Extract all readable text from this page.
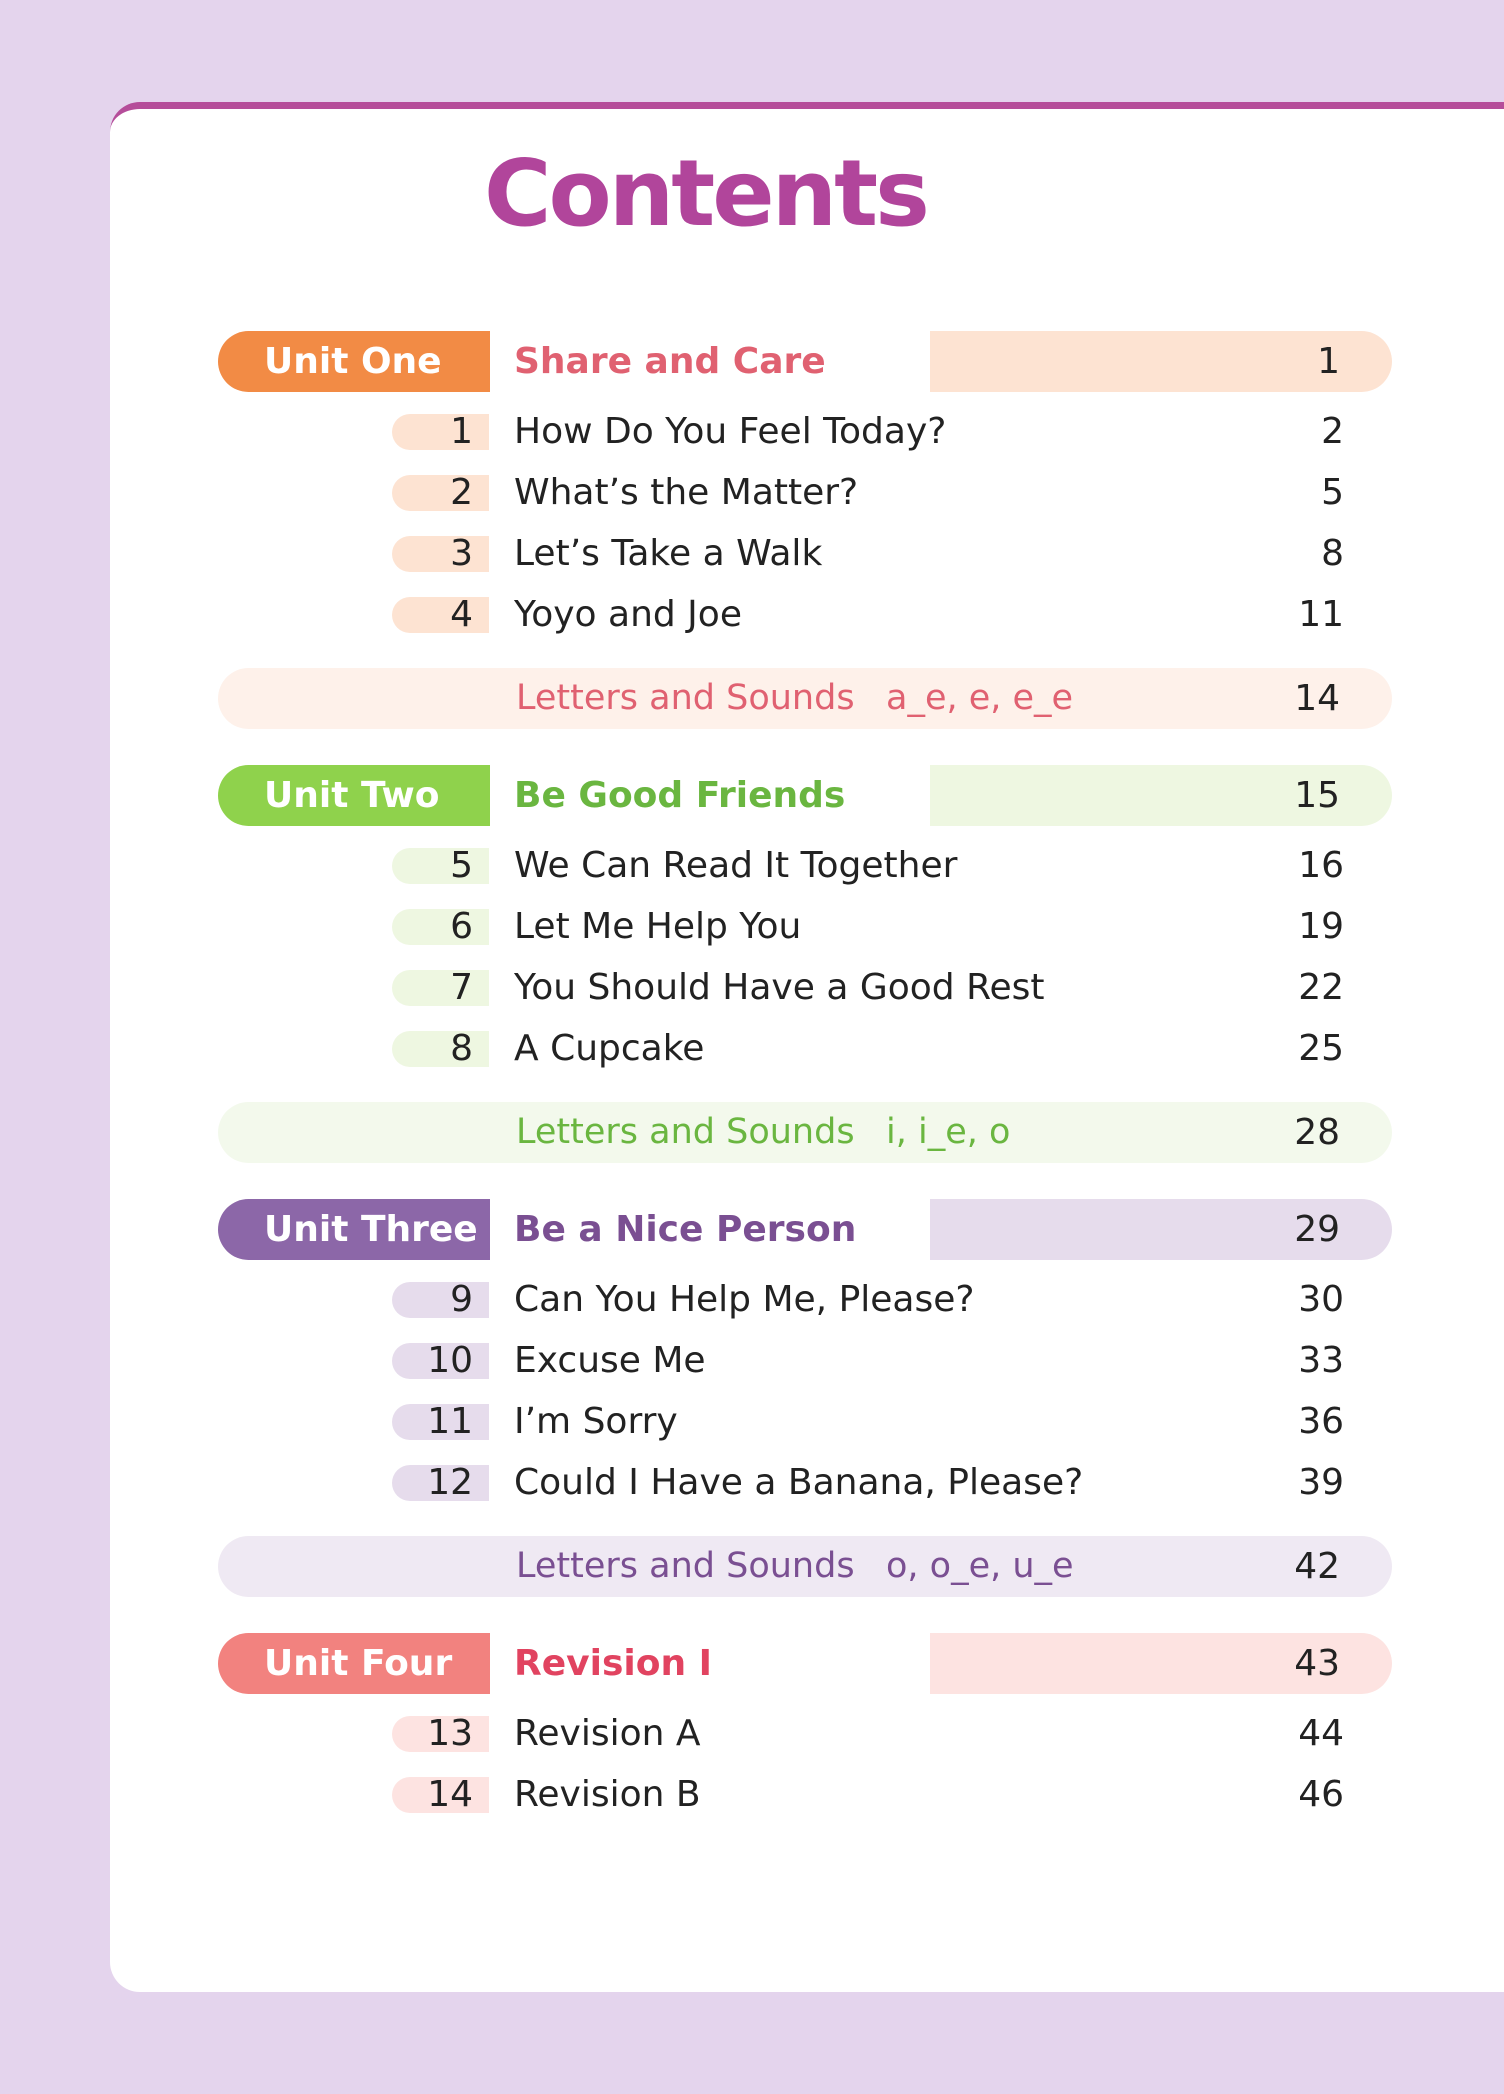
Contents
Unit One	Share and Care	1
1	How Do You Feel Today?	2
2	What’s the Matter?	5
3	Let’s Take a Walk	8
4	Yoyo and Joe	11
Letters and Sounds a_e, e, e_e	14
Unit Two	Be Good Friends	15
5	We Can Read It Together	16
6	Let Me Help You	19
7	You Should Have a Good Rest	22
8	A Cupcake	25
Letters and Sounds i, i_e, o	28
Unit Three	Be a Nice Person	29
9	Can You Help Me, Please?	30
10	Excuse Me	33
11	I’m Sorry	36
12	Could I Have a Banana, Please?	39
Letters and Sounds o, o_e, u_e	42
Unit Four	Revision I	43
13	Revision A	44
14	Revision B	46
